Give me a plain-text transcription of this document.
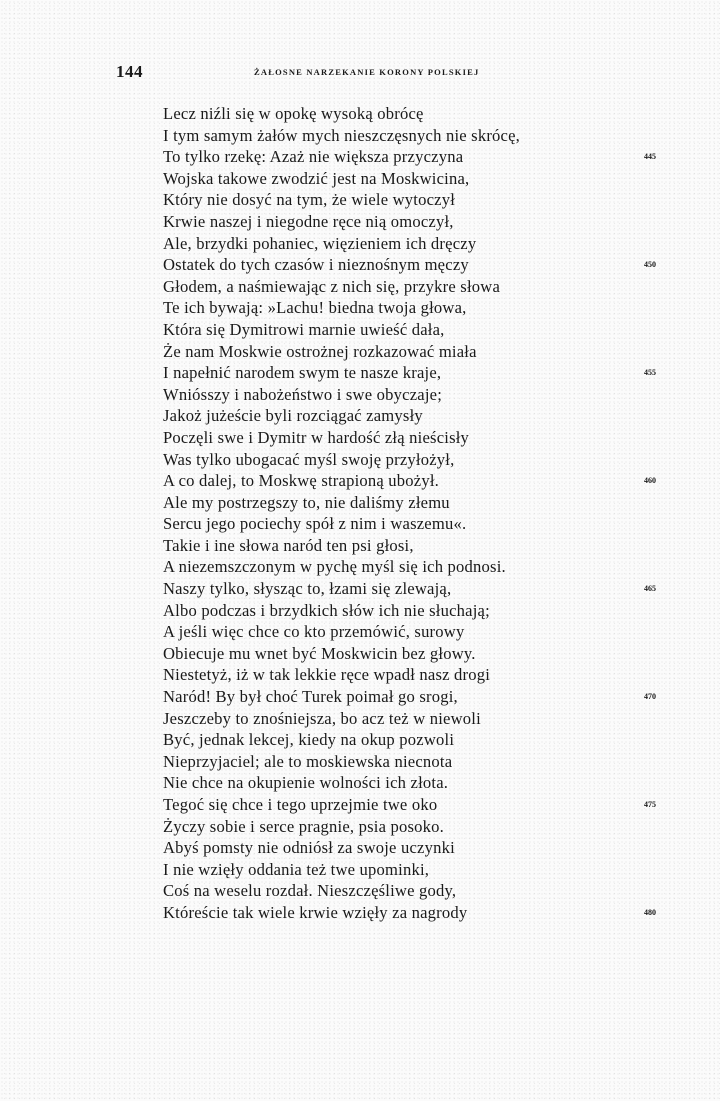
144	ŻAŁOSNE NARZEKANIE KORONY POLSKIEJ
Lecz niźli się w opokę wysoką obrócę
I tym samym żałów mych nieszczęsnych nie skrócę,
To tylko rzekę: Azaż nie większa przyczyna	445
Wojska takowe zwodzić jest na Moskwicina,
Który nie dosyć na tym, że wiele wytoczył
Krwie naszej i niegodne ręce nią omoczył,
Ale, brzydki pohaniec, więzieniem ich dręczy
Ostatek do tych czasów i nieznośnym męczy	450
Głodem, a naśmiewając z nich się, przykre słowa
Te ich bywają: »Lachu! biedna twoja głowa,
Która się Dymitrowi marnie uwieść dała,
Że nam Moskwie ostrożnej rozkazować miała
I napełnić narodem swym te nasze kraje,	455
Wniósszy i nabożeństwo i swe obyczaje;
Jakoż jużeście byli rozciągać zamysły
Poczęli swe i Dymitr w hardość złą nieścisły
Was tylko ubogacać myśl swoję przyłożył,
A co dalej, to Moskwę strapioną ubożył.	460
Ale my postrzegszy to, nie daliśmy złemu
Sercu jego pociechy spół z nim i waszemu«.
Takie i ine słowa naród ten psi głosi,
A niezemszczonym w pychę myśl się ich podnosi.
Naszy tylko, słysząc to, łzami się zlewają,	465
Albo podczas i brzydkich słów ich nie słuchają;
A jeśli więc chce co kto przemówić, surowy
Obiecuje mu wnet być Moskwicin bez głowy.
Niestetyż, iż w tak lekkie ręce wpadł nasz drogi
Naród! By był choć Turek poimał go srogi,	470
Jeszczeby to znośniejsza, bo acz też w niewoli
Być, jednak lekcej, kiedy na okup pozwoli
Nieprzyjaciel; ale to moskiewska niecnota
Nie chce na okupienie wolności ich złota.
Tegoć się chce i tego uprzejmie twe oko	475
Życzy sobie i serce pragnie, psia posoko.
Abyś pomsty nie odniósł za swoje uczynki
I nie wzięły oddania też twe upominki,
Coś na weselu rozdał. Nieszczęśliwe gody,
Któreście tak wiele krwie wzięły za nagrody	480
